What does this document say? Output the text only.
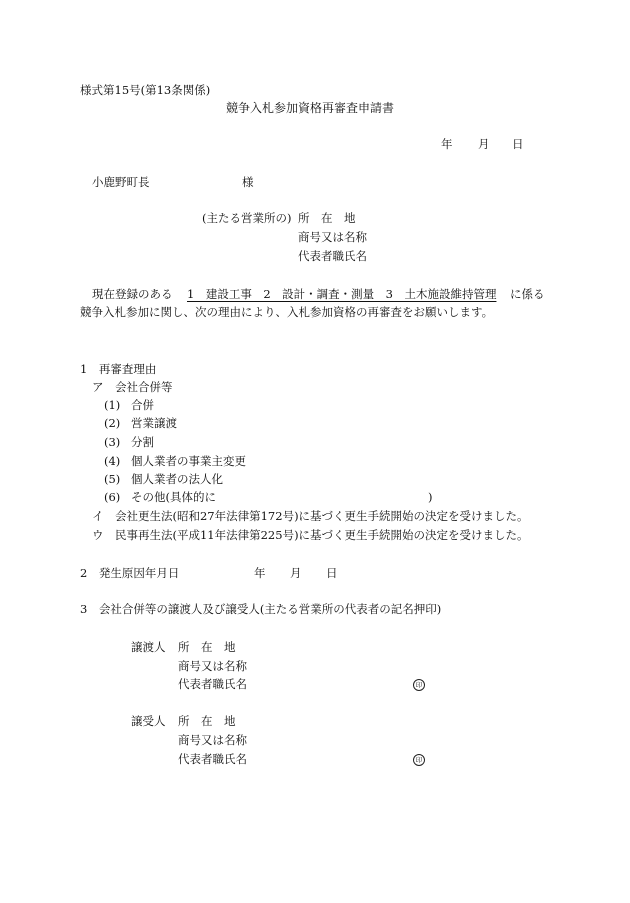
様式第15号(第13条関係)
競争入札参加資格再審査申請書
年 月 日
小鹿野町長	様
(主たる営業所の) 所　在　地
商号又は名称
代表者職氏名
現在登録のある 1　建設工事　2　設計・調査・測量　3　土木施設維持管理 に係る
競争入札参加に関し、次の理由により、入札参加資格の再審査をお願いします。
1　再審査理由
ア　会社合併等
(1) 合併
(2) 営業譲渡
(3) 分割
(4) 個人業者の事業主変更
(5) 個人業者の法人化
(6) その他(具体的に	)
イ　会社更生法(昭和27年法律第172号)に基づく更生手続開始の決定を受けました。
ウ　民事再生法(平成11年法律第225号)に基づく更生手続開始の決定を受けました。
2　発生原因年月日	年 月 日
3　会社合併等の譲渡人及び譲受人(主たる営業所の代表者の記名押印)
譲渡人 所　在　地
商号又は名称
代表者職氏名	印
譲受人 所　在　地
商号又は名称
代表者職氏名	印
